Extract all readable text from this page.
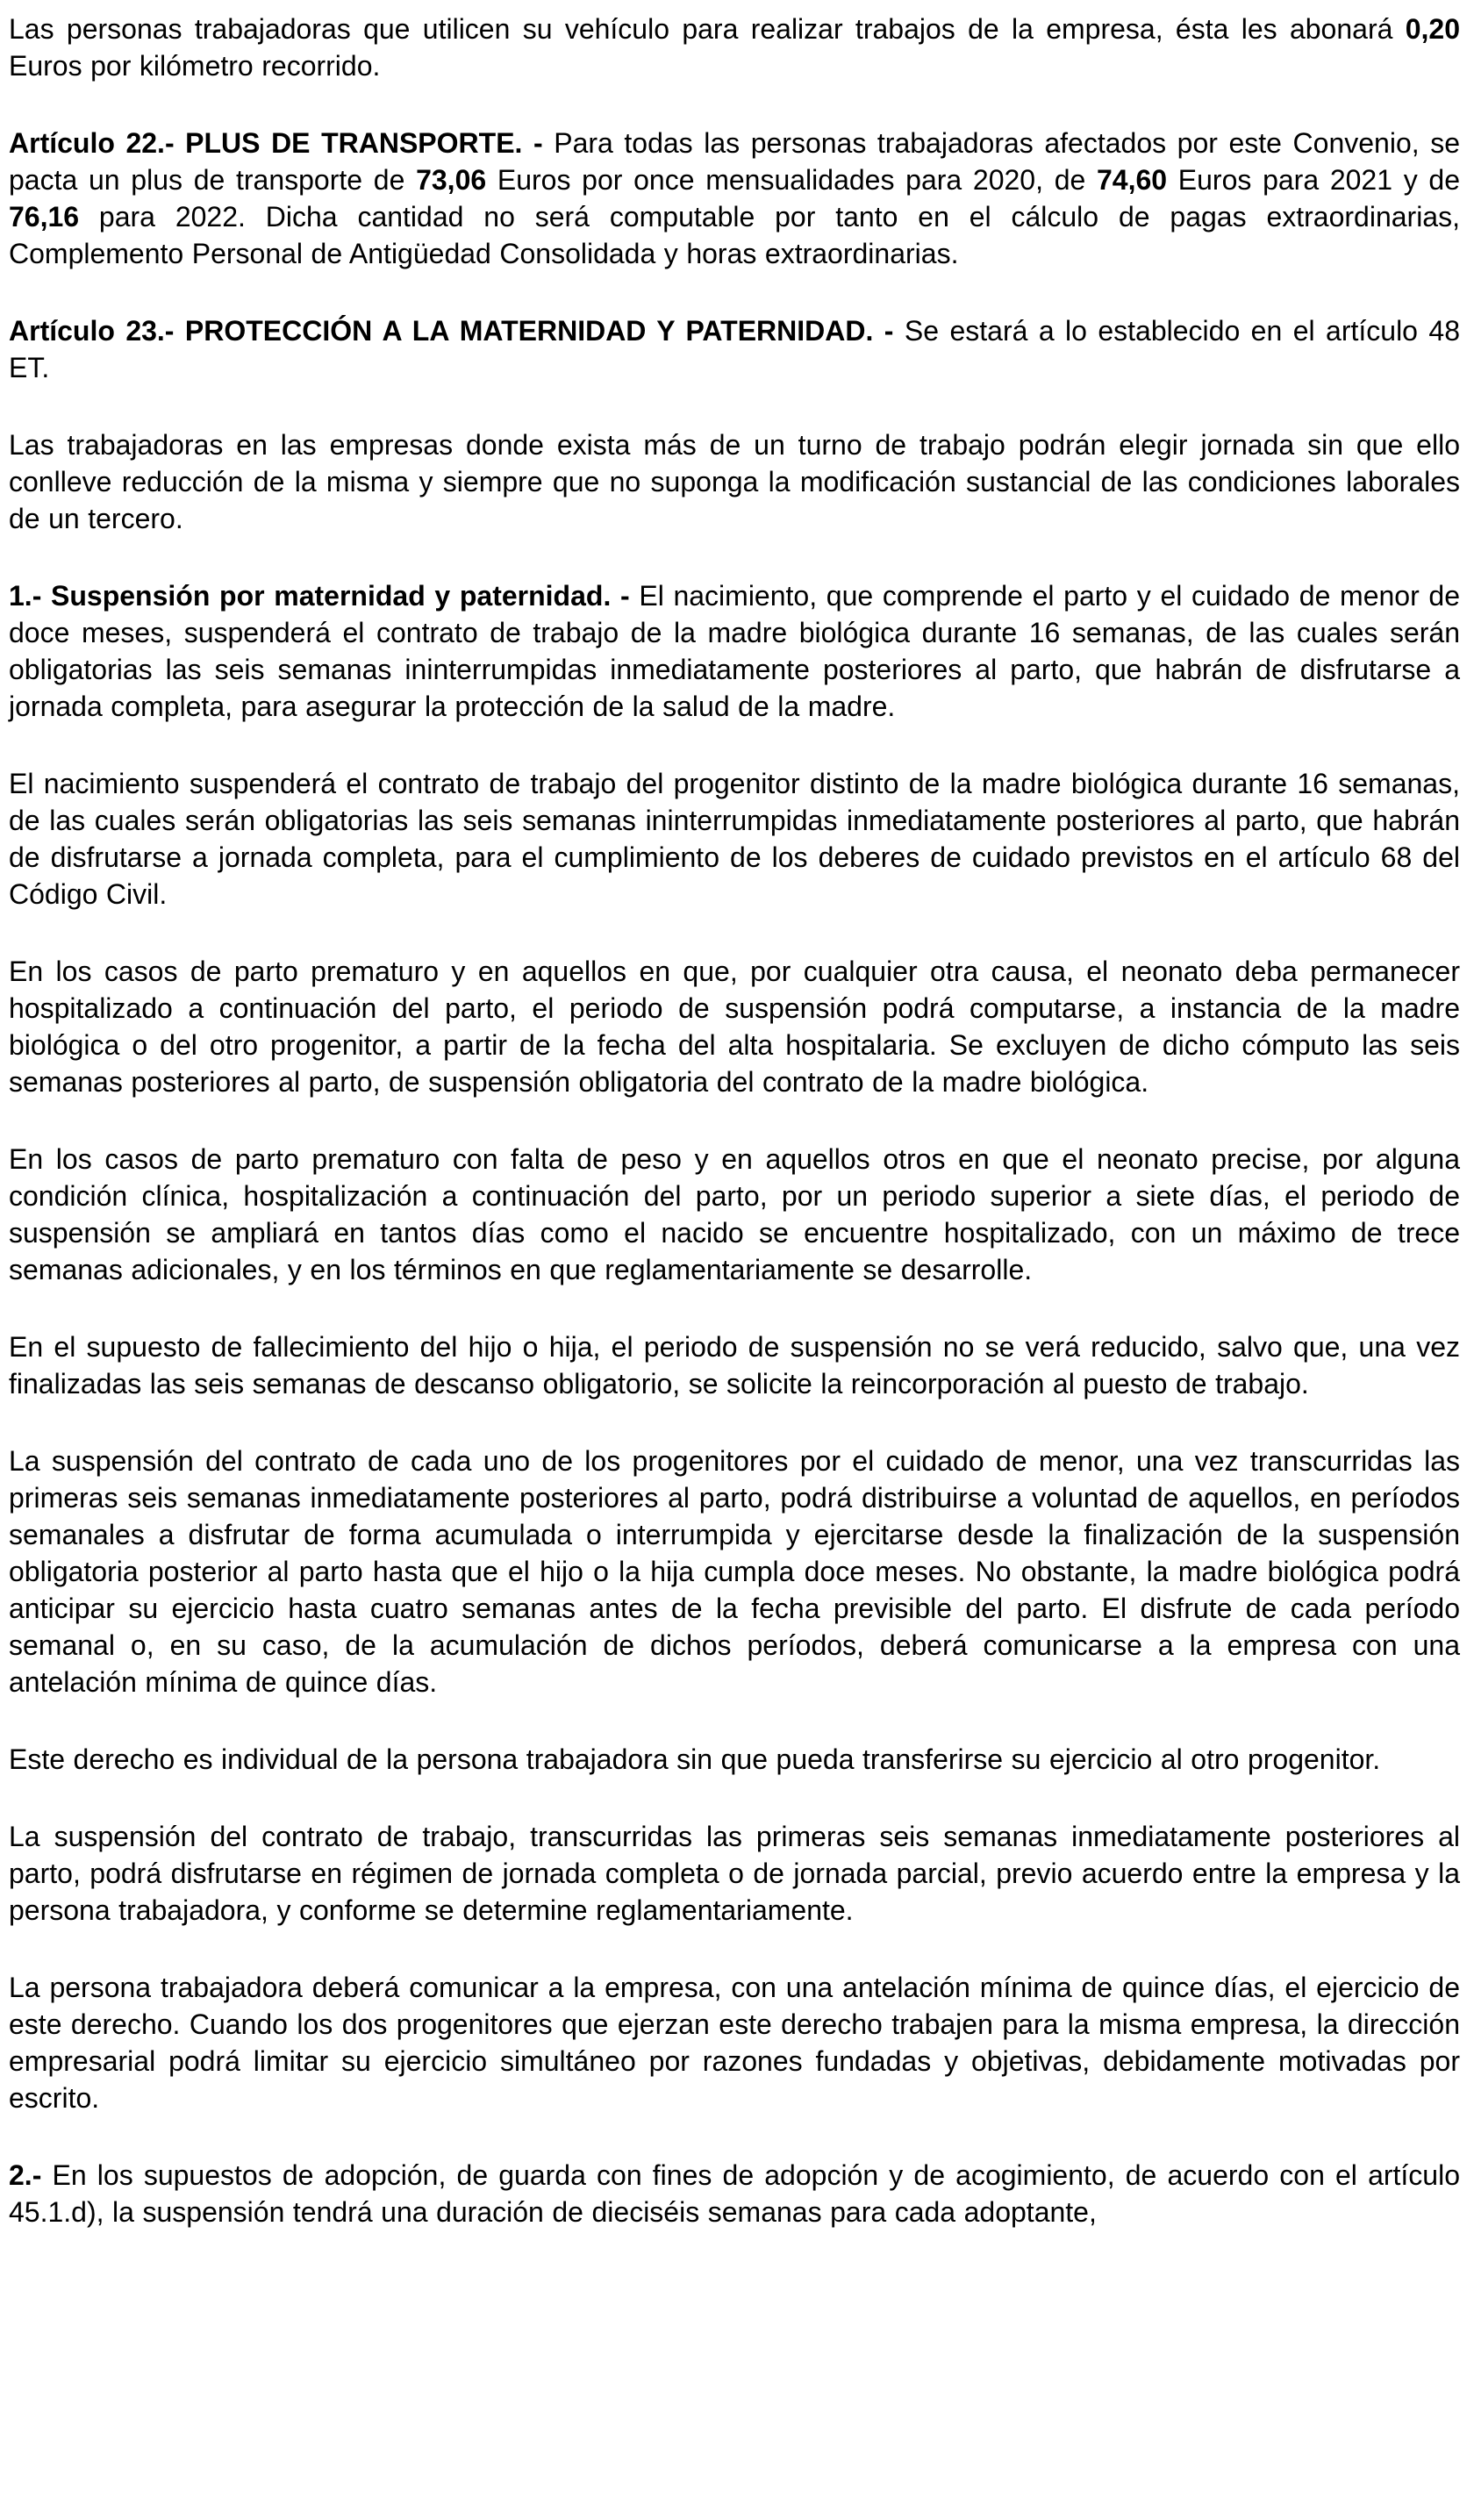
Las personas trabajadoras que utilicen su vehículo para realizar trabajos de la empresa, ésta les abonará 0,20 Euros por kilómetro recorrido.

Artículo 22.- PLUS DE TRANSPORTE. - Para todas las personas trabajadoras afectados por este Convenio, se pacta un plus de transporte de 73,06 Euros por once mensualidades para 2020, de 74,60 Euros para 2021 y de 76,16 para 2022. Dicha cantidad no será computable por tanto en el cálculo de pagas extraordinarias, Complemento Personal de Antigüedad Consolidada y horas extraordinarias.

Artículo 23.- PROTECCIÓN A LA MATERNIDAD Y PATERNIDAD. - Se estará a lo establecido en el artículo 48 ET.

Las trabajadoras en las empresas donde exista más de un turno de trabajo podrán elegir jornada sin que ello conlleve reducción de la misma y siempre que no suponga la modificación sustancial de las condiciones laborales de un tercero.

1.- Suspensión por maternidad y paternidad. - El nacimiento, que comprende el parto y el cuidado de menor de doce meses, suspenderá el contrato de trabajo de la madre biológica durante 16 semanas, de las cuales serán obligatorias las seis semanas ininterrumpidas inmediatamente posteriores al parto, que habrán de disfrutarse a jornada completa, para asegurar la protección de la salud de la madre.

El nacimiento suspenderá el contrato de trabajo del progenitor distinto de la madre biológica durante 16 semanas, de las cuales serán obligatorias las seis semanas ininterrumpidas inmediatamente posteriores al parto, que habrán de disfrutarse a jornada completa, para el cumplimiento de los deberes de cuidado previstos en el artículo 68 del Código Civil.

En los casos de parto prematuro y en aquellos en que, por cualquier otra causa, el neonato deba permanecer hospitalizado a continuación del parto, el periodo de suspensión podrá computarse, a instancia de la madre biológica o del otro progenitor, a partir de la fecha del alta hospitalaria. Se excluyen de dicho cómputo las seis semanas posteriores al parto, de suspensión obligatoria del contrato de la madre biológica.

En los casos de parto prematuro con falta de peso y en aquellos otros en que el neonato precise, por alguna condición clínica, hospitalización a continuación del parto, por un periodo superior a siete días, el periodo de suspensión se ampliará en tantos días como el nacido se encuentre hospitalizado, con un máximo de trece semanas adicionales, y en los términos en que reglamentariamente se desarrolle.

En el supuesto de fallecimiento del hijo o hija, el periodo de suspensión no se verá reducido, salvo que, una vez finalizadas las seis semanas de descanso obligatorio, se solicite la reincorporación al puesto de trabajo.

La suspensión del contrato de cada uno de los progenitores por el cuidado de menor, una vez transcurridas las primeras seis semanas inmediatamente posteriores al parto, podrá distribuirse a voluntad de aquellos, en períodos semanales a disfrutar de forma acumulada o interrumpida y ejercitarse desde la finalización de la suspensión obligatoria posterior al parto hasta que el hijo o la hija cumpla doce meses. No obstante, la madre biológica podrá anticipar su ejercicio hasta cuatro semanas antes de la fecha previsible del parto. El disfrute de cada período semanal o, en su caso, de la acumulación de dichos períodos, deberá comunicarse a la empresa con una antelación mínima de quince días.

Este derecho es individual de la persona trabajadora sin que pueda transferirse su ejercicio al otro progenitor.

La suspensión del contrato de trabajo, transcurridas las primeras seis semanas inmediatamente posteriores al parto, podrá disfrutarse en régimen de jornada completa o de jornada parcial, previo acuerdo entre la empresa y la persona trabajadora, y conforme se determine reglamentariamente.

La persona trabajadora deberá comunicar a la empresa, con una antelación mínima de quince días, el ejercicio de este derecho. Cuando los dos progenitores que ejerzan este derecho trabajen para la misma empresa, la dirección empresarial podrá limitar su ejercicio simultáneo por razones fundadas y objetivas, debidamente motivadas por escrito.

2.- En los supuestos de adopción, de guarda con fines de adopción y de acogimiento, de acuerdo con el artículo 45.1.d), la suspensión tendrá una duración de dieciséis semanas para cada adoptante,
